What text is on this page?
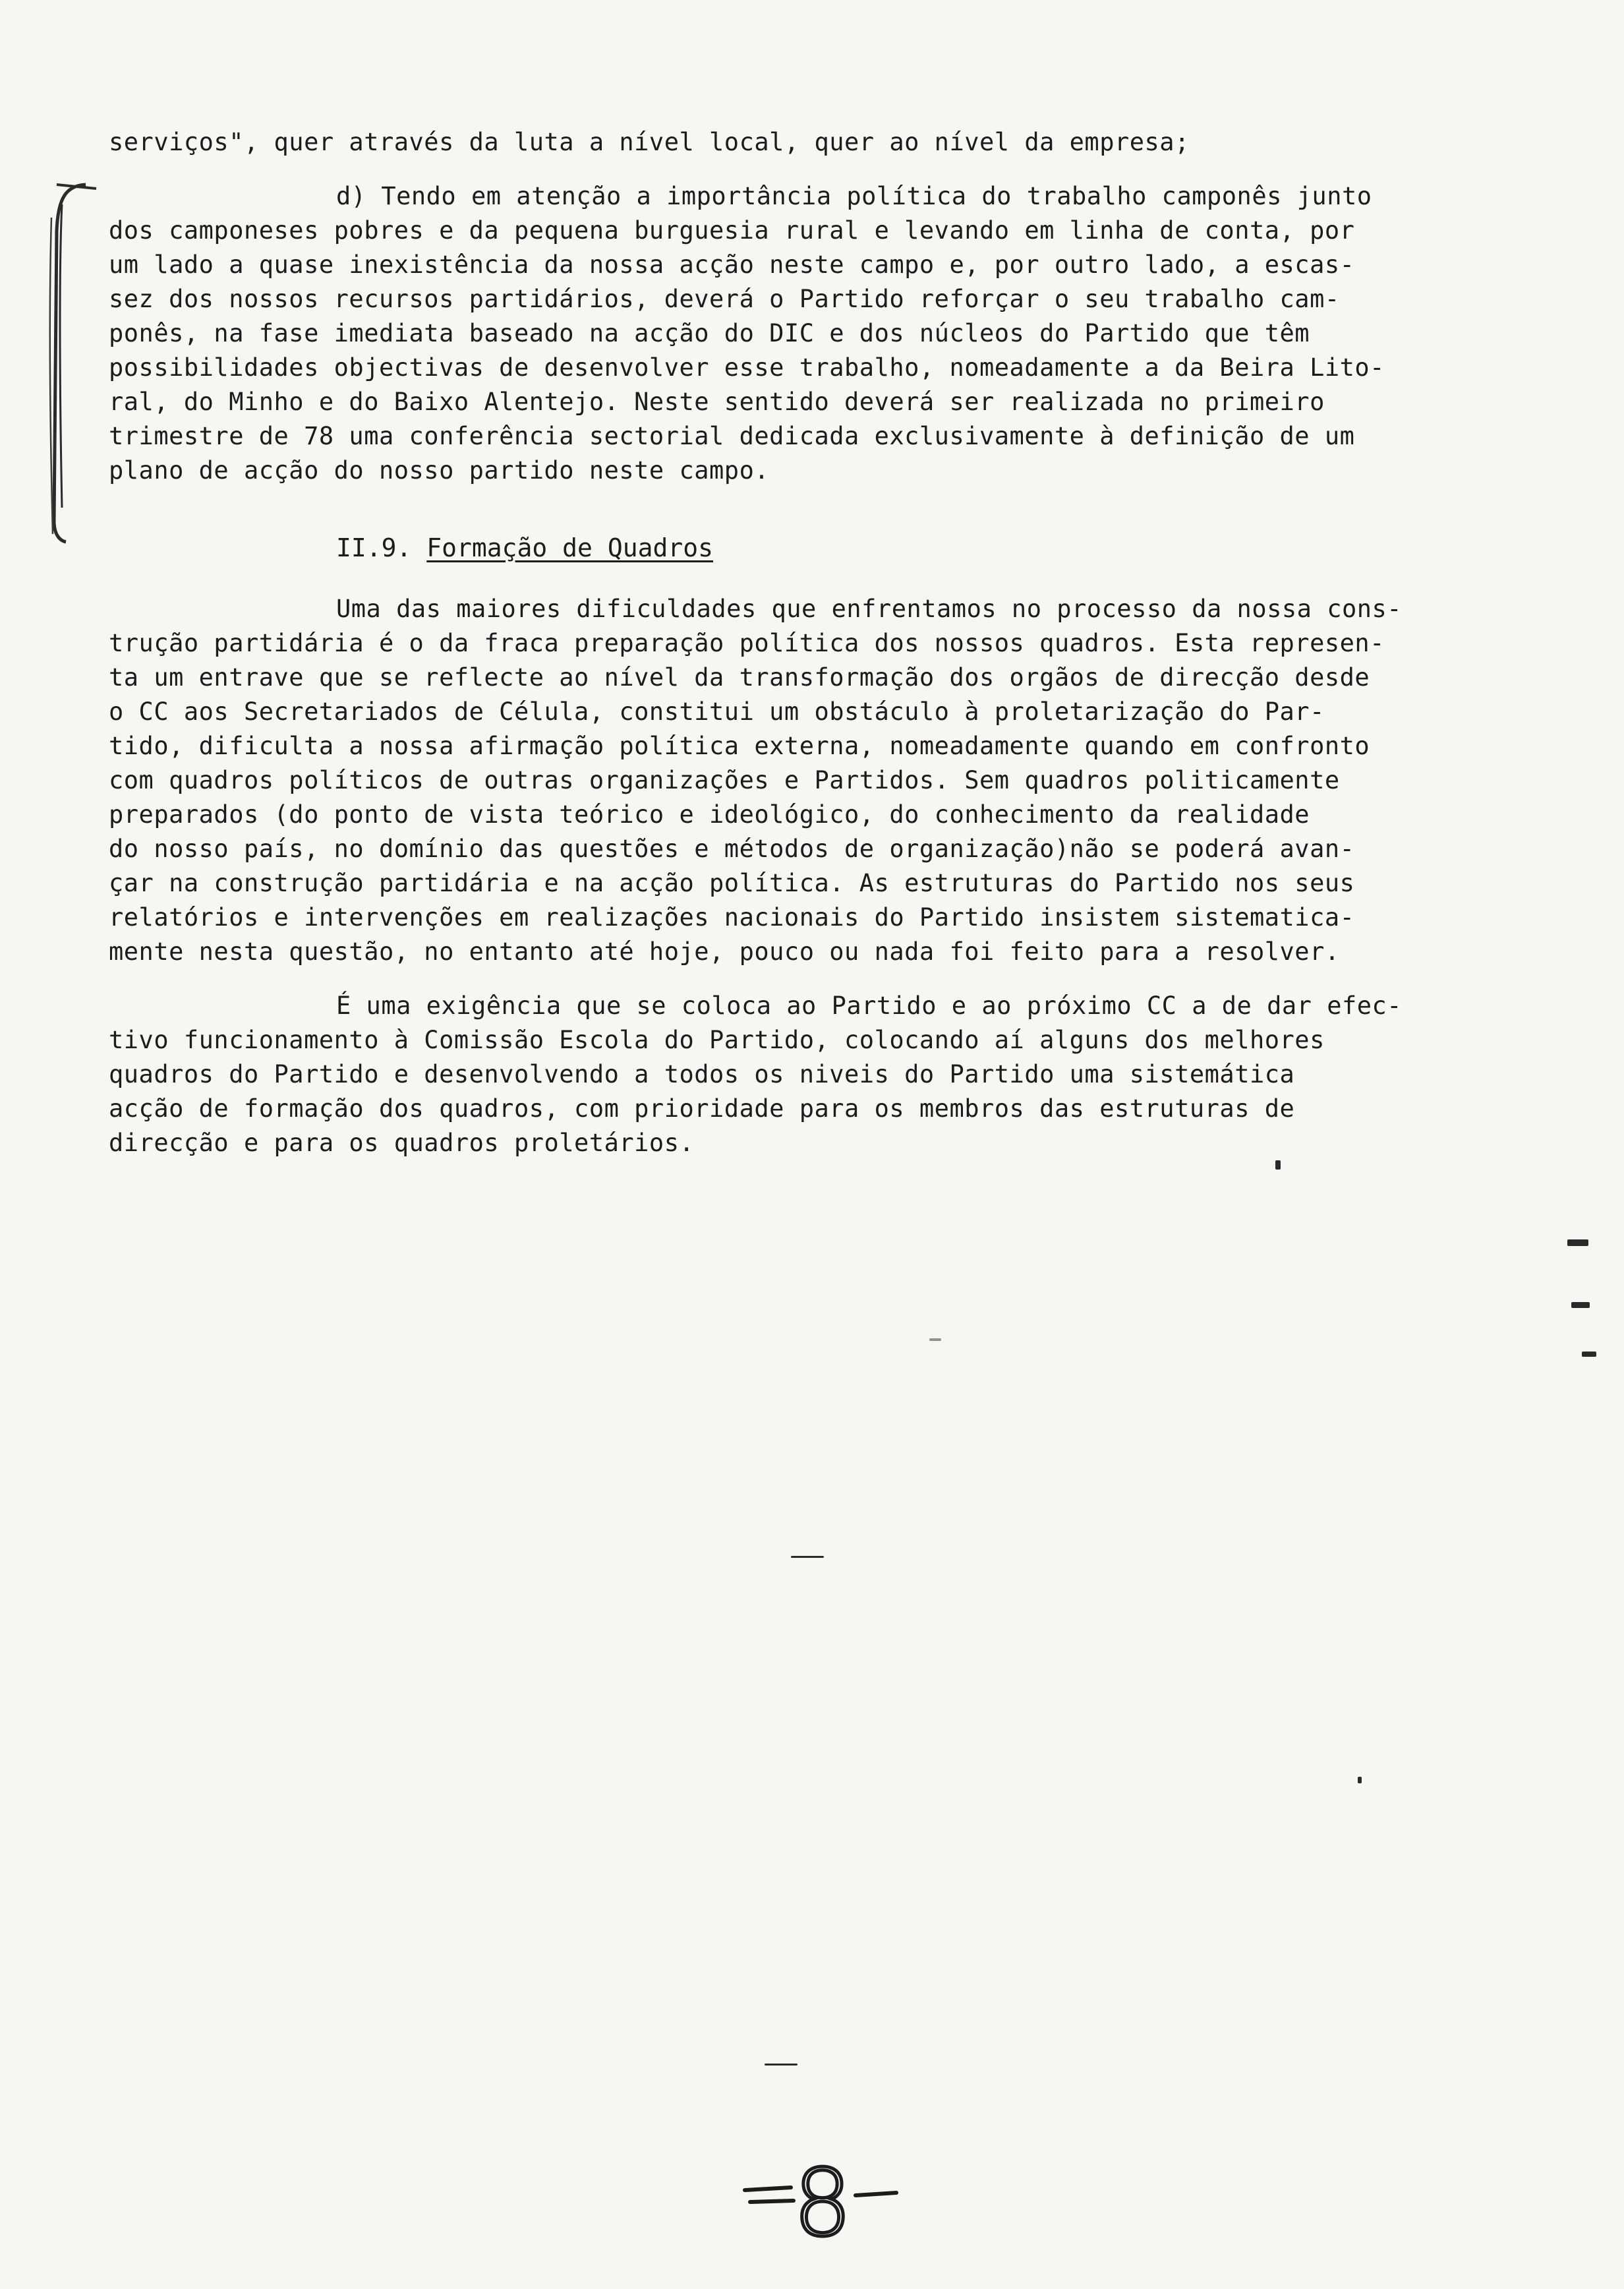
serviços", quer através da luta a nível local, quer ao nível da empresa;
d) Tendo em atenção a importância política do trabalho camponês junto
dos camponeses pobres e da pequena burguesia rural e levando em linha de conta, por
um lado a quase inexistência da nossa acção neste campo e, por outro lado, a escas-
sez dos nossos recursos partidários, deverá o Partido reforçar o seu trabalho cam-
ponês, na fase imediata baseado na acção do DIC e dos núcleos do Partido que têm
possibilidades objectivas de desenvolver esse trabalho, nomeadamente a da Beira Lito-
ral, do Minho e do Baixo Alentejo. Neste sentido deverá ser realizada no primeiro
trimestre de 78 uma conferência sectorial dedicada exclusivamente à definição de um
plano de acção do nosso partido neste campo.
II.9. Formação de Quadros
Uma das maiores dificuldades que enfrentamos no processo da nossa cons-
trução partidária é o da fraca preparação política dos nossos quadros. Esta represen-
ta um entrave que se reflecte ao nível da transformação dos orgãos de direcção desde
o CC aos Secretariados de Célula, constitui um obstáculo à proletarização do Par-
tido, dificulta a nossa afirmação política externa, nomeadamente quando em confronto
com quadros políticos de outras organizações e Partidos. Sem quadros politicamente
preparados (do ponto de vista teórico e ideológico, do conhecimento da realidade
do nosso país, no domínio das questões e métodos de organização)não se poderá avan-
çar na construção partidária e na acção política. As estruturas do Partido nos seus
relatórios e intervenções em realizações nacionais do Partido insistem sistematica-
mente nesta questão, no entanto até hoje, pouco ou nada foi feito para a resolver.
É uma exigência que se coloca ao Partido e ao próximo CC a de dar efec-
tivo funcionamento à Comissão Escola do Partido, colocando aí alguns dos melhores
quadros do Partido e desenvolvendo a todos os niveis do Partido uma sistemática
acção de formação dos quadros, com prioridade para os membros das estruturas de
direcção e para os quadros proletários.
8
